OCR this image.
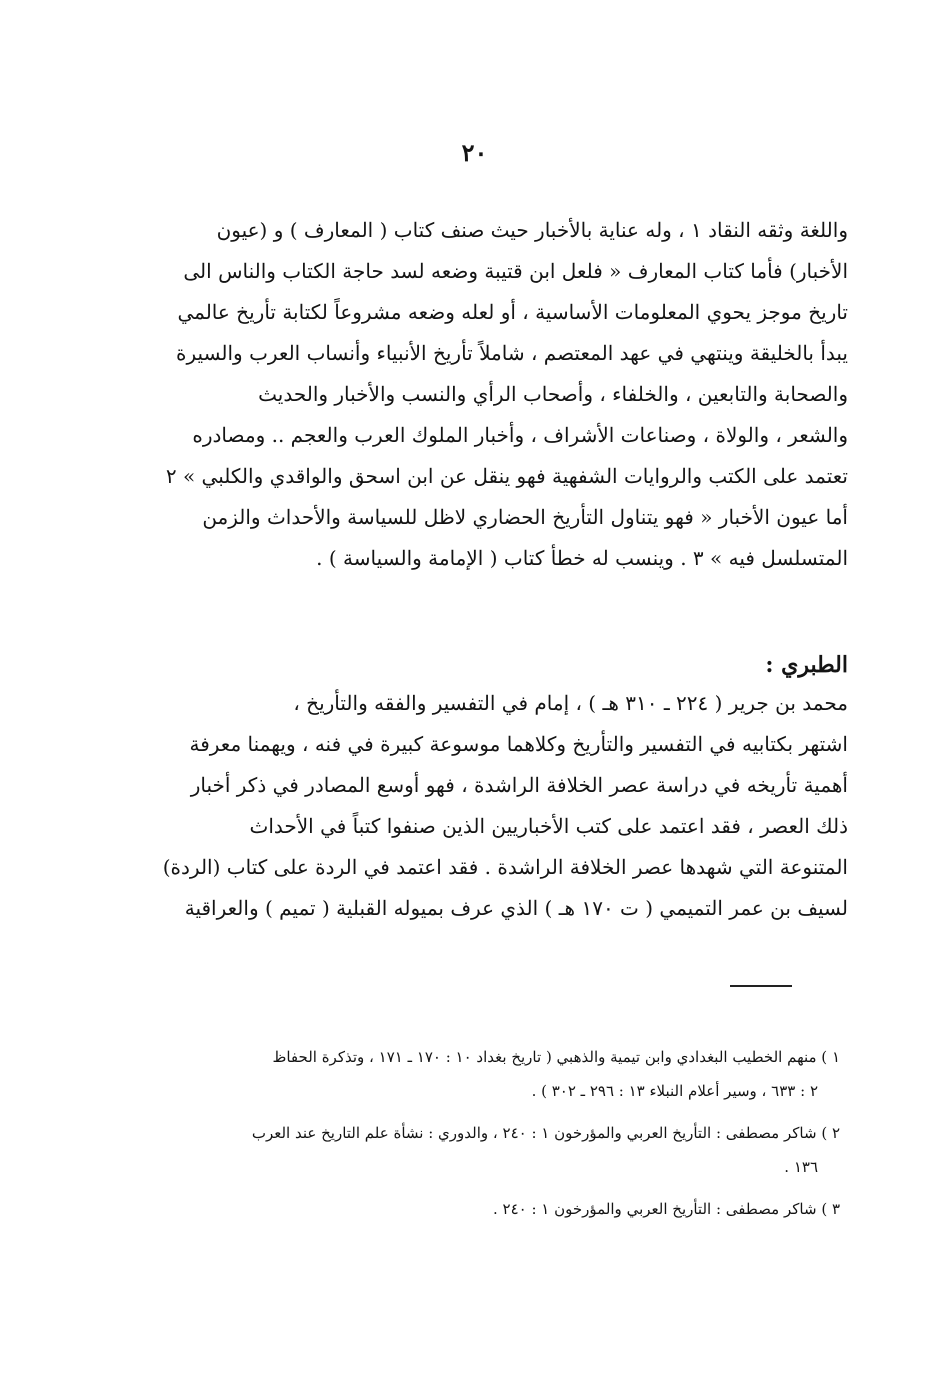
٢٠
واللغة وثقه النقاد ١ ، وله عناية بالأخبار حيث صنف كتاب ( المعارف ) و (عيون
الأخبار) فأما كتاب المعارف « فلعل ابن قتيبة وضعه لسد حاجة الكتاب والناس الى
تاريخ موجز يحوي المعلومات الأساسية ، أو لعله وضعه مشروعاً لكتابة تأريخ عالمي
يبدأ بالخليقة وينتهي في عهد المعتصم ، شاملاً تأريخ الأنبياء وأنساب العرب والسيرة
والصحابة والتابعين ، والخلفاء ، وأصحاب الرأي والنسب والأخبار والحديث
والشعر ، والولاة ، وصناعات الأشراف ، وأخبار الملوك العرب والعجم .. ومصادره
تعتمد على الكتب والروايات الشفهية فهو ينقل عن ابن اسحق والواقدي والكلبي » ٢
أما عيون الأخبار « فهو يتناول التأريخ الحضاري لاظل للسياسة والأحداث والزمن
المتسلسل فيه » ٣ . وينسب له خطأ كتاب ( الإمامة والسياسة ) .
الطبري :
محمد بن جرير ( ٢٢٤ ـ ٣١٠ هـ ) ، إمام في التفسير والفقه والتأريخ ،
اشتهر بكتابيه في التفسير والتأريخ وكلاهما موسوعة كبيرة في فنه ، ويهمنا معرفة
أهمية تأريخه في دراسة عصر الخلافة الراشدة ، فهو أوسع المصادر في ذكر أخبار
ذلك العصر ، فقد اعتمد على كتب الأخباريين الذين صنفوا كتباً في الأحداث
المتنوعة التي شهدها عصر الخلافة الراشدة . فقد اعتمد في الردة على كتاب (الردة)
لسيف بن عمر التميمي ( ت ١٧٠ هـ ) الذي عرف بميوله القبلية ( تميم ) والعراقية
١ ) منهم الخطيب البغدادي وابن تيمية والذهبي ( تاريخ بغداد ١٠ : ١٧٠ ـ ١٧١ ، وتذكرة الحفاظ
٢ : ٦٣٣ ، وسير أعلام النبلاء ١٣ : ٢٩٦ ـ ٣٠٢ ) .
٢ ) شاكر مصطفى : التأريخ العربي والمؤرخون ١ : ٢٤٠ ، والدوري : نشأة علم التاريخ عند العرب
١٣٦ .
٣ ) شاكر مصطفى : التأريخ العربي والمؤرخون ١ : ٢٤٠ .
